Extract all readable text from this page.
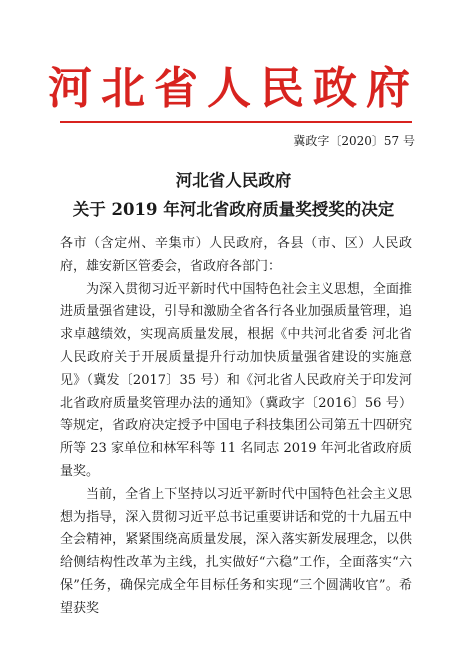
河北省人民政府
冀政字〔2020〕57 号
河北省人民政府
关于 2019 年河北省政府质量奖授奖的决定

各市（含定州、辛集市）人民政府，各县（市、区）人民政府，雄安新区管委会，省政府各部门：

为深入贯彻习近平新时代中国特色社会主义思想，全面推进质量强省建设，引导和激励全省各行各业加强质量管理，追求卓越绩效，实现高质量发展，根据《中共河北省委 河北省人民政府关于开展质量提升行动加快质量强省建设的实施意见》（冀发〔2017〕35 号）和《河北省人民政府关于印发河北省政府质量奖管理办法的通知》（冀政字〔2016〕56 号）等规定，省政府决定授予中国电子科技集团公司第五十四研究所等 23 家单位和林军科等 11 名同志 2019 年河北省政府质量奖。

当前，全省上下坚持以习近平新时代中国特色社会主义思想为指导，深入贯彻习近平总书记重要讲话和党的十九届五中全会精神，紧紧围绕高质量发展，深入落实新发展理念，以供给侧结构性改革为主线，扎实做好“六稳”工作，全面落实“六保”任务，确保完成全年目标任务和实现“三个圆满收官”。希望获奖
